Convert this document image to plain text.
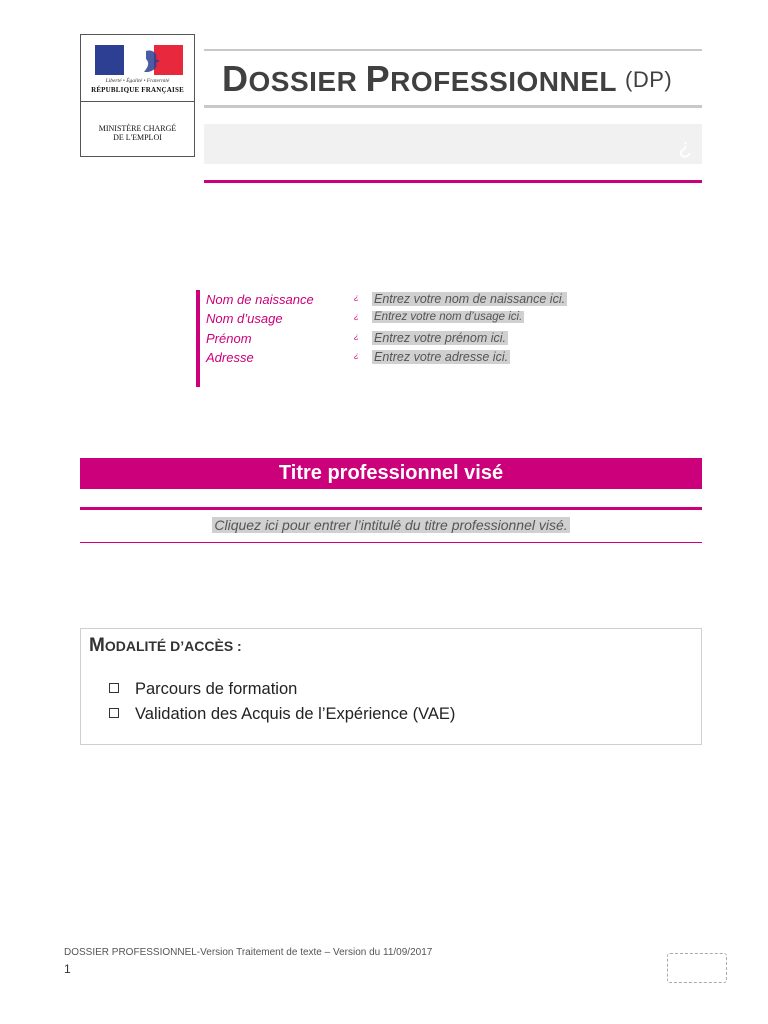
Liberté • Égalité • Fraternité
RÉPUBLIQUE FRANÇAISE
MINISTÈRE CHARGÉ
DE L'EMPLOI
DOSSIER PROFESSIONNEL (DP)
¿
Nom de naissance	¿ Entrez votre nom de naissance ici.
Nom d’usage	¿ Entrez votre nom d’usage ici.
Prénom	¿ Entrez votre prénom ici.
Adresse	¿ Entrez votre adresse ici.
Titre professionnel visé
Cliquez ici pour entrer l’intitulé du titre professionnel visé.
MODALITÉ D’ACCÈS :
Parcours de formation
Validation des Acquis de l’Expérience (VAE)
DOSSIER PROFESSIONNEL-Version Traitement de texte – Version du 11/09/2017
1
